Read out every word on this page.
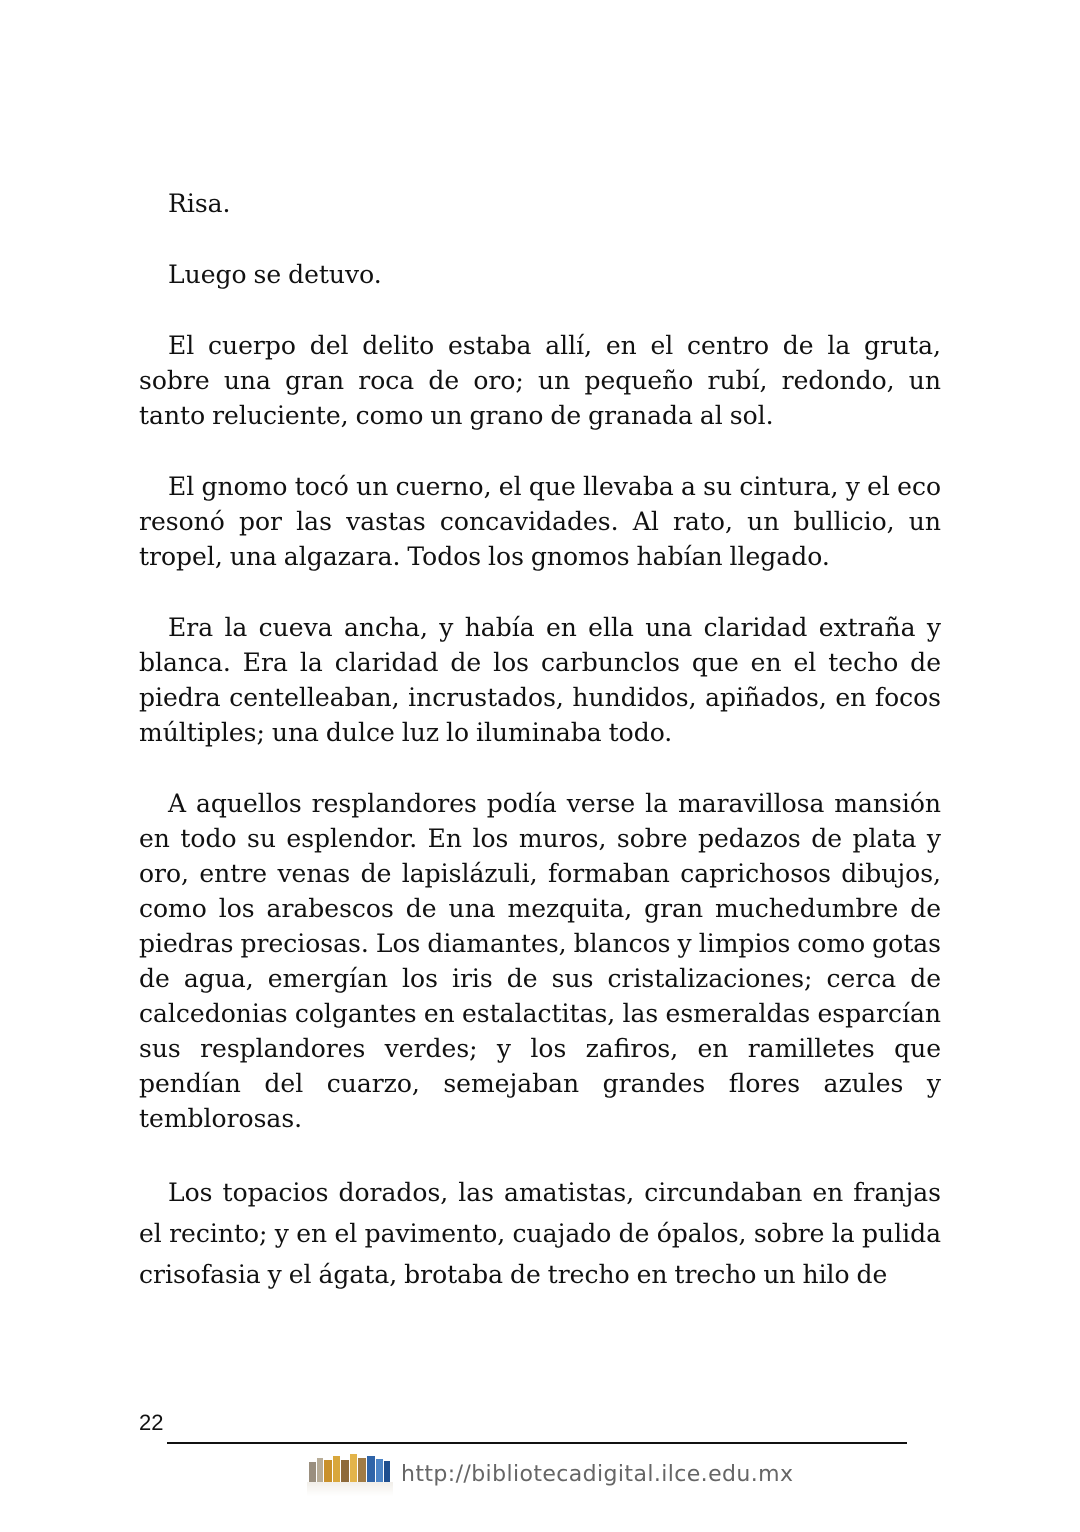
Risa.

Luego se detuvo.

El cuerpo del delito estaba allí, en el centro de la gruta, sobre una gran roca de oro; un pequeño rubí, redondo, un tanto reluciente, como un grano de granada al sol.

El gnomo tocó un cuerno, el que llevaba a su cintura, y el eco resonó por las vastas concavidades. Al rato, un bullicio, un tropel, una algazara. Todos los gnomos habían llegado.

Era la cueva ancha, y había en ella una claridad extraña y blanca. Era la claridad de los carbunclos que en el techo de piedra centelleaban, incrustados, hundidos, apiñados, en focos múltiples; una dulce luz lo iluminaba todo.

A aquellos resplandores podía verse la maravillosa mansión en todo su esplendor. En los muros, sobre pedazos de plata y oro, entre venas de lapislázuli, formaban caprichosos dibujos, como los arabescos de una mezquita, gran muchedumbre de piedras preciosas. Los diamantes, blancos y limpios como gotas de agua, emergían los iris de sus cristalizaciones; cerca de calcedonias colgantes en estalactitas, las esmeraldas esparcían sus resplandores verdes; y los zafiros, en ramilletes que pendían del cuarzo, semejaban grandes flores azules y temblorosas.

Los topacios dorados, las amatistas, circundaban en franjas el recinto; y en el pavimento, cuajado de ópalos, sobre la pulida crisofasia y el ágata, brotaba de trecho en trecho un hilo de

22
http://bibliotecadigital.ilce.edu.mx
